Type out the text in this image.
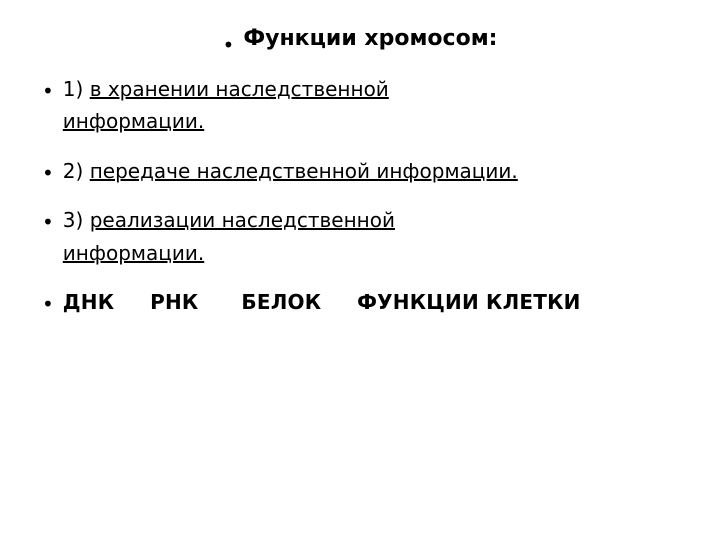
• Функции хромосом:
• 1) в хранении наследственной информации.
• 2) передаче наследственной информации.
• 3) реализации наследственной информации.
• ДНК     РНК      БЕЛОК     ФУНКЦИИ КЛЕТКИ
